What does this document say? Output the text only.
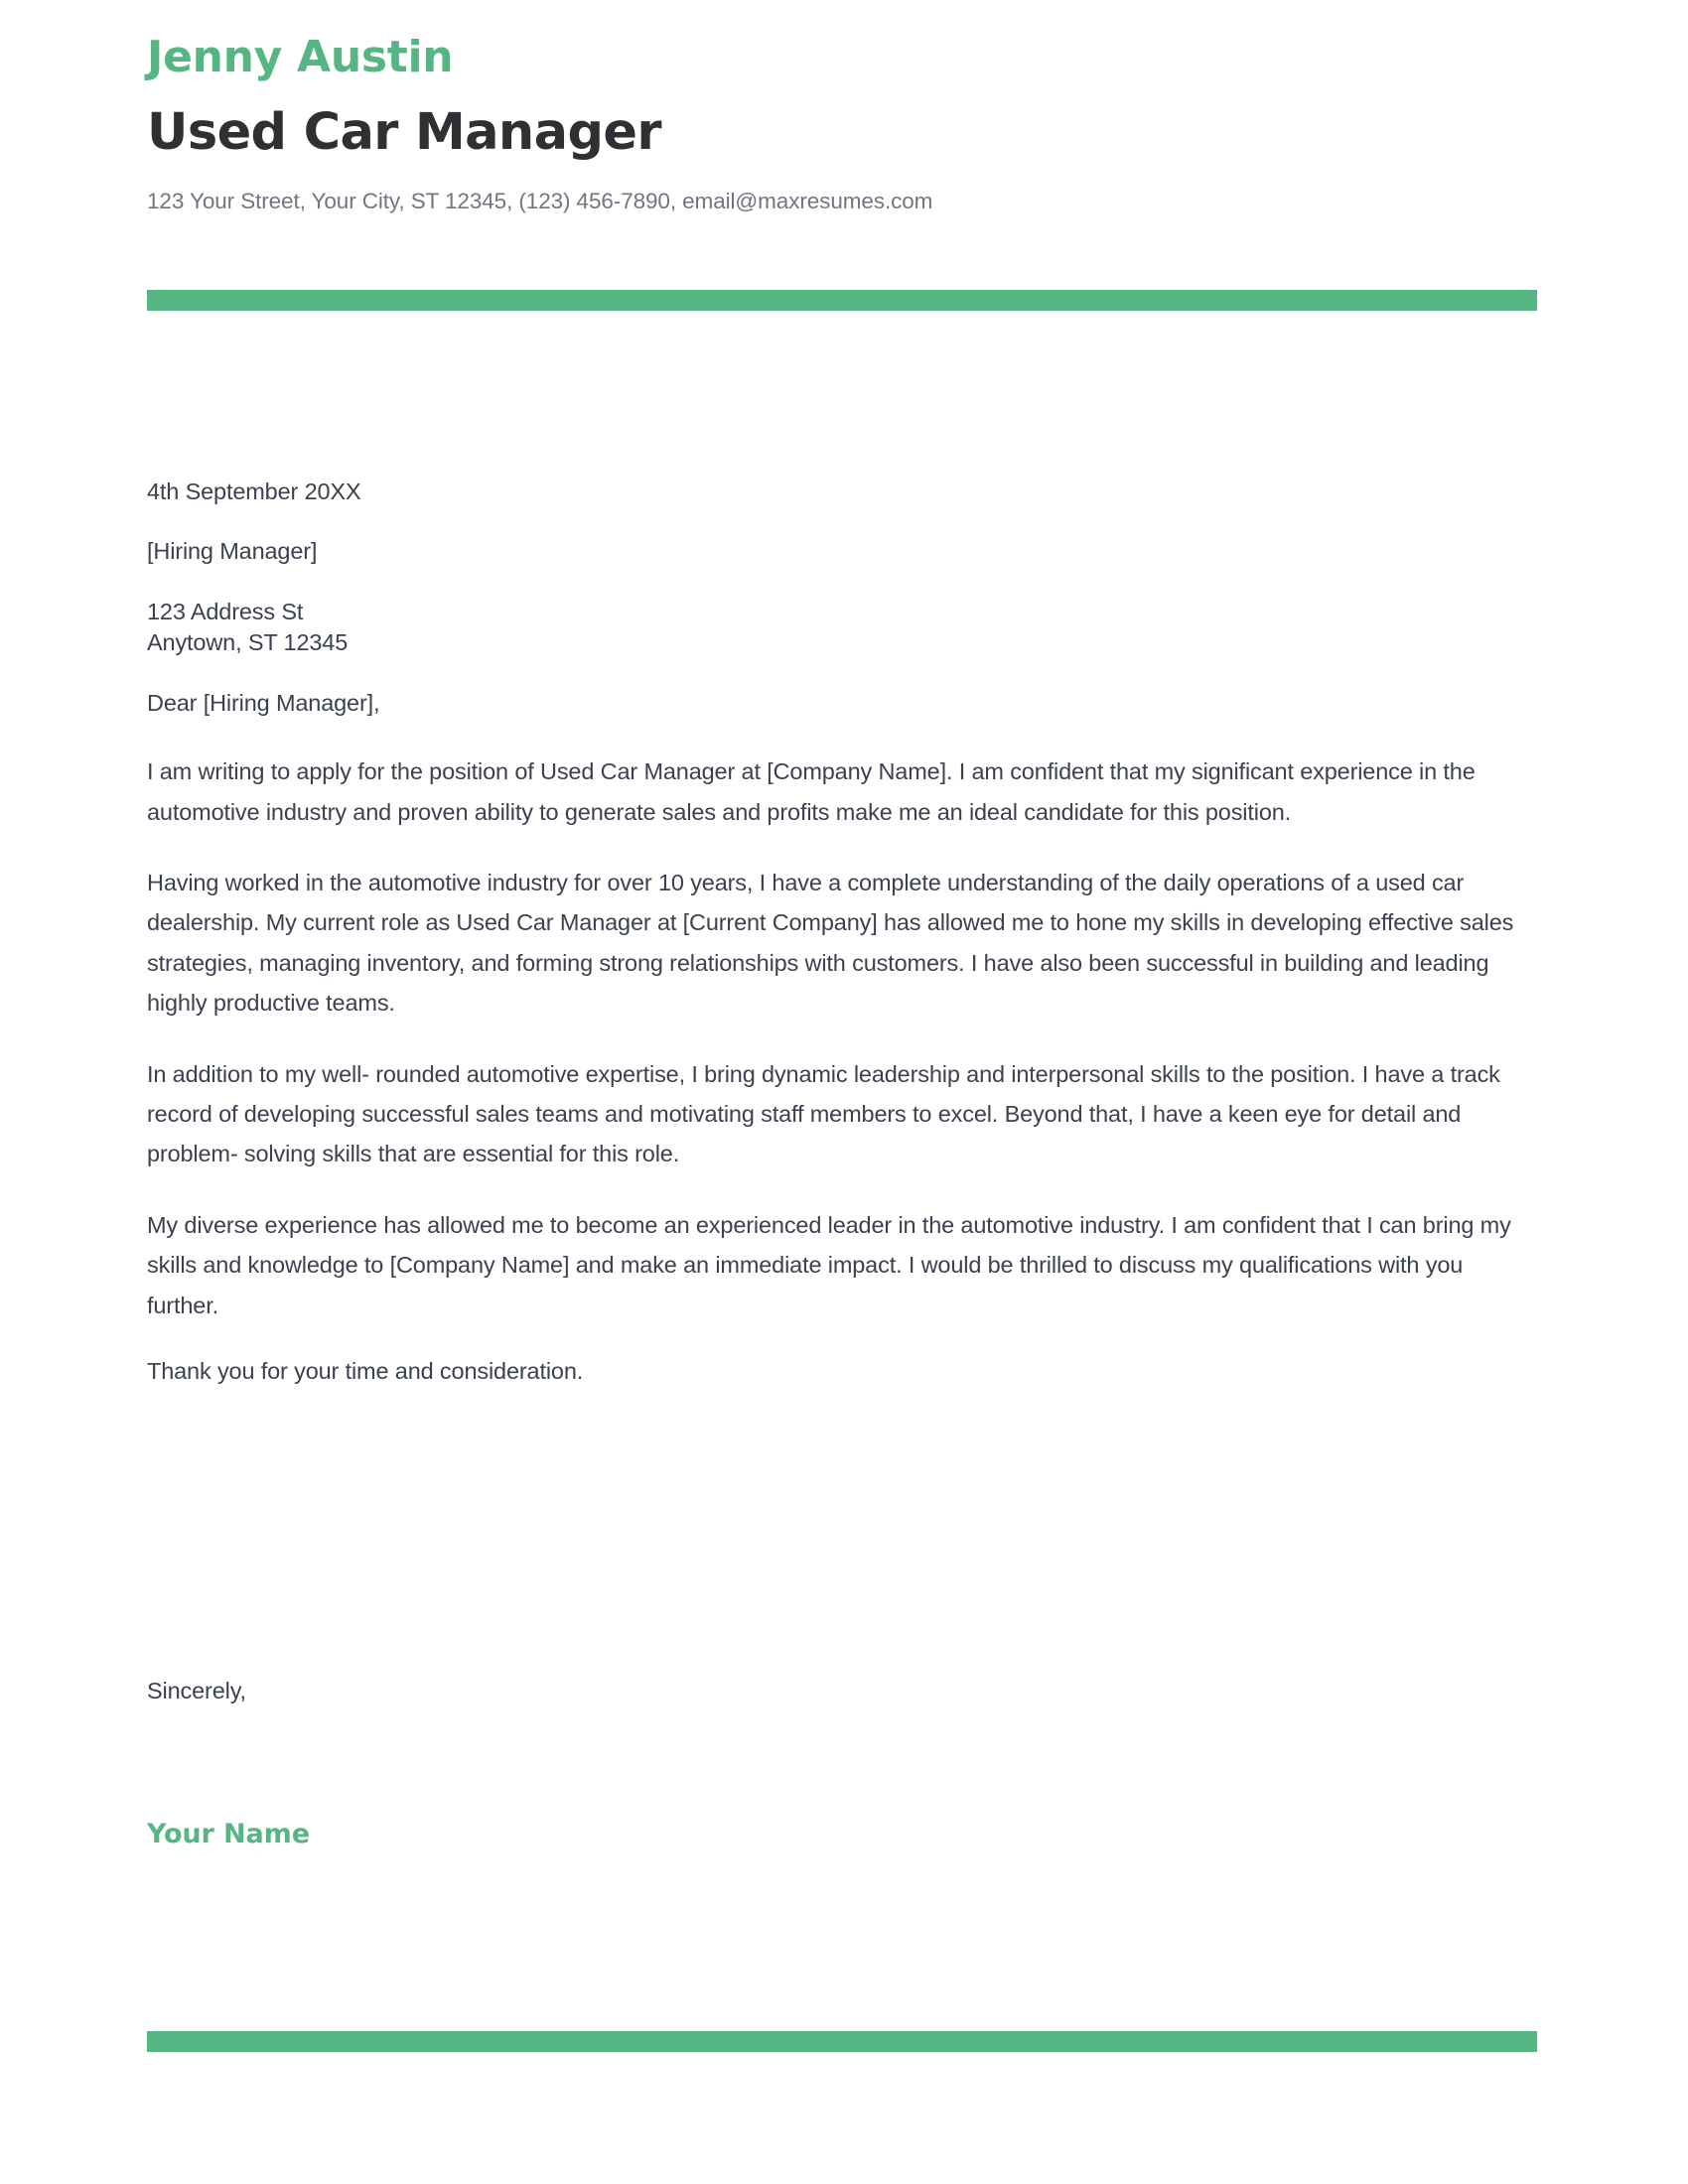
Jenny Austin
Used Car Manager

123 Your Street, Your City, ST 12345, (123) 456-7890, email@maxresumes.com

4th September 20XX
[Hiring Manager]
123 Address St
Anytown, ST 12345
Dear [Hiring Manager],

I am writing to apply for the position of Used Car Manager at [Company Name]. I am confident that my significant experience in the automotive industry and proven ability to generate sales and profits make me an ideal candidate for this position.

Having worked in the automotive industry for over 10 years, I have a complete understanding of the daily operations of a used car dealership. My current role as Used Car Manager at [Current Company] has allowed me to hone my skills in developing effective sales strategies, managing inventory, and forming strong relationships with customers. I have also been successful in building and leading highly productive teams.

In addition to my well- rounded automotive expertise, I bring dynamic leadership and interpersonal skills to the position. I have a track record of developing successful sales teams and motivating staff members to excel. Beyond that, I have a keen eye for detail and problem- solving skills that are essential for this role.

My diverse experience has allowed me to become an experienced leader in the automotive industry. I am confident that I can bring my skills and knowledge to [Company Name] and make an immediate impact. I would be thrilled to discuss my qualifications with you further.

Thank you for your time and consideration.

Sincerely,
Your Name
